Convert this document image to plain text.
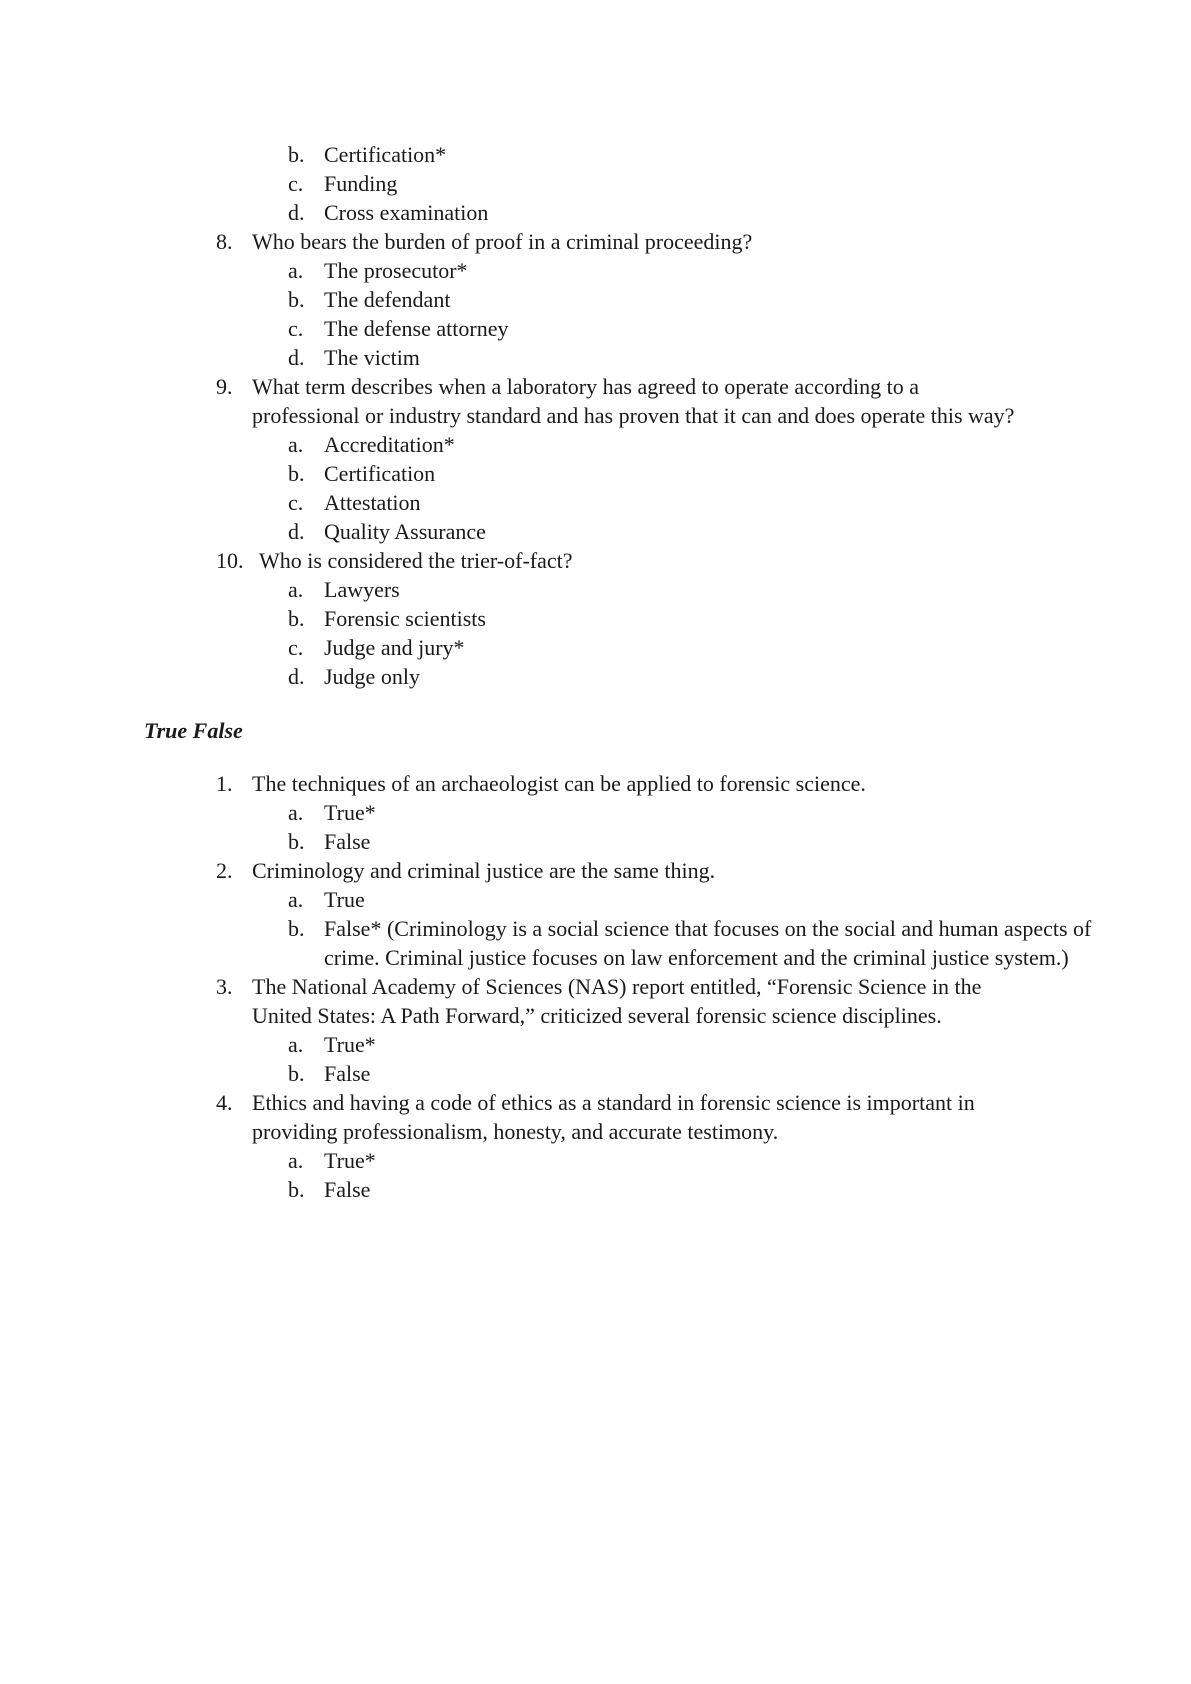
b. Certification*
c. Funding
d. Cross examination
8. Who bears the burden of proof in a criminal proceeding?
a. The prosecutor*
b. The defendant
c. The defense attorney
d. The victim
9. What term describes when a laboratory has agreed to operate according to a professional or industry standard and has proven that it can and does operate this way?
a. Accreditation*
b. Certification
c. Attestation
d. Quality Assurance
10. Who is considered the trier-of-fact?
a. Lawyers
b. Forensic scientists
c. Judge and jury*
d. Judge only
True False
1. The techniques of an archaeologist can be applied to forensic science.
a. True*
b. False
2. Criminology and criminal justice are the same thing.
a. True
b. False* (Criminology is a social science that focuses on the social and human aspects of crime. Criminal justice focuses on law enforcement and the criminal justice system.)
3. The National Academy of Sciences (NAS) report entitled, “Forensic Science in the United States: A Path Forward,” criticized several forensic science disciplines.
a. True*
b. False
4. Ethics and having a code of ethics as a standard in forensic science is important in providing professionalism, honesty, and accurate testimony.
a. True*
b. False
